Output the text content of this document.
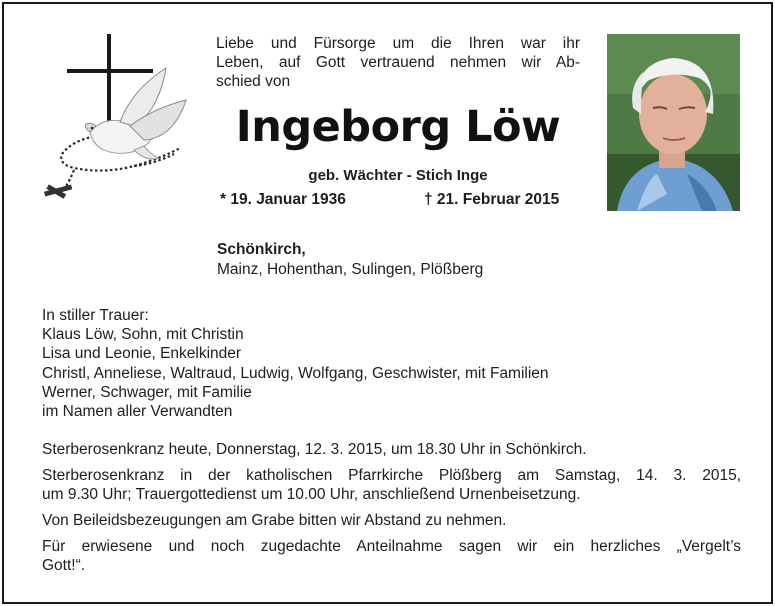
Liebe und Fürsorge um die Ihren war ihr
Leben, auf Gott vertrauend nehmen wir Ab-
schied von
Ingeborg Löw
geb. Wächter - Stich Inge
* 19. Januar 1936	† 21. Februar 2015
Schönkirch,
Mainz, Hohenthan, Sulingen, Plößberg
In stiller Trauer:
Klaus Löw, Sohn, mit Christin
Lisa und Leonie, Enkelkinder
Christl, Anneliese, Waltraud, Ludwig, Wolfgang, Geschwister, mit Familien
Werner, Schwager, mit Familie
im Namen aller Verwandten

Sterberosenkranz heute, Donnerstag, 12. 3. 2015, um 18.30 Uhr in Schönkirch.

Sterberosenkranz in der katholischen Pfarrkirche Plößberg am Samstag, 14. 3. 2015,
um 9.30 Uhr; Trauergottedienst um 10.00 Uhr, anschließend Urnenbeisetzung.

Von Beileidsbezeugungen am Grabe bitten wir Abstand zu nehmen.

Für erwiesene und noch zugedachte Anteilnahme sagen wir ein herzliches „Vergelt’s
Gott!“.
